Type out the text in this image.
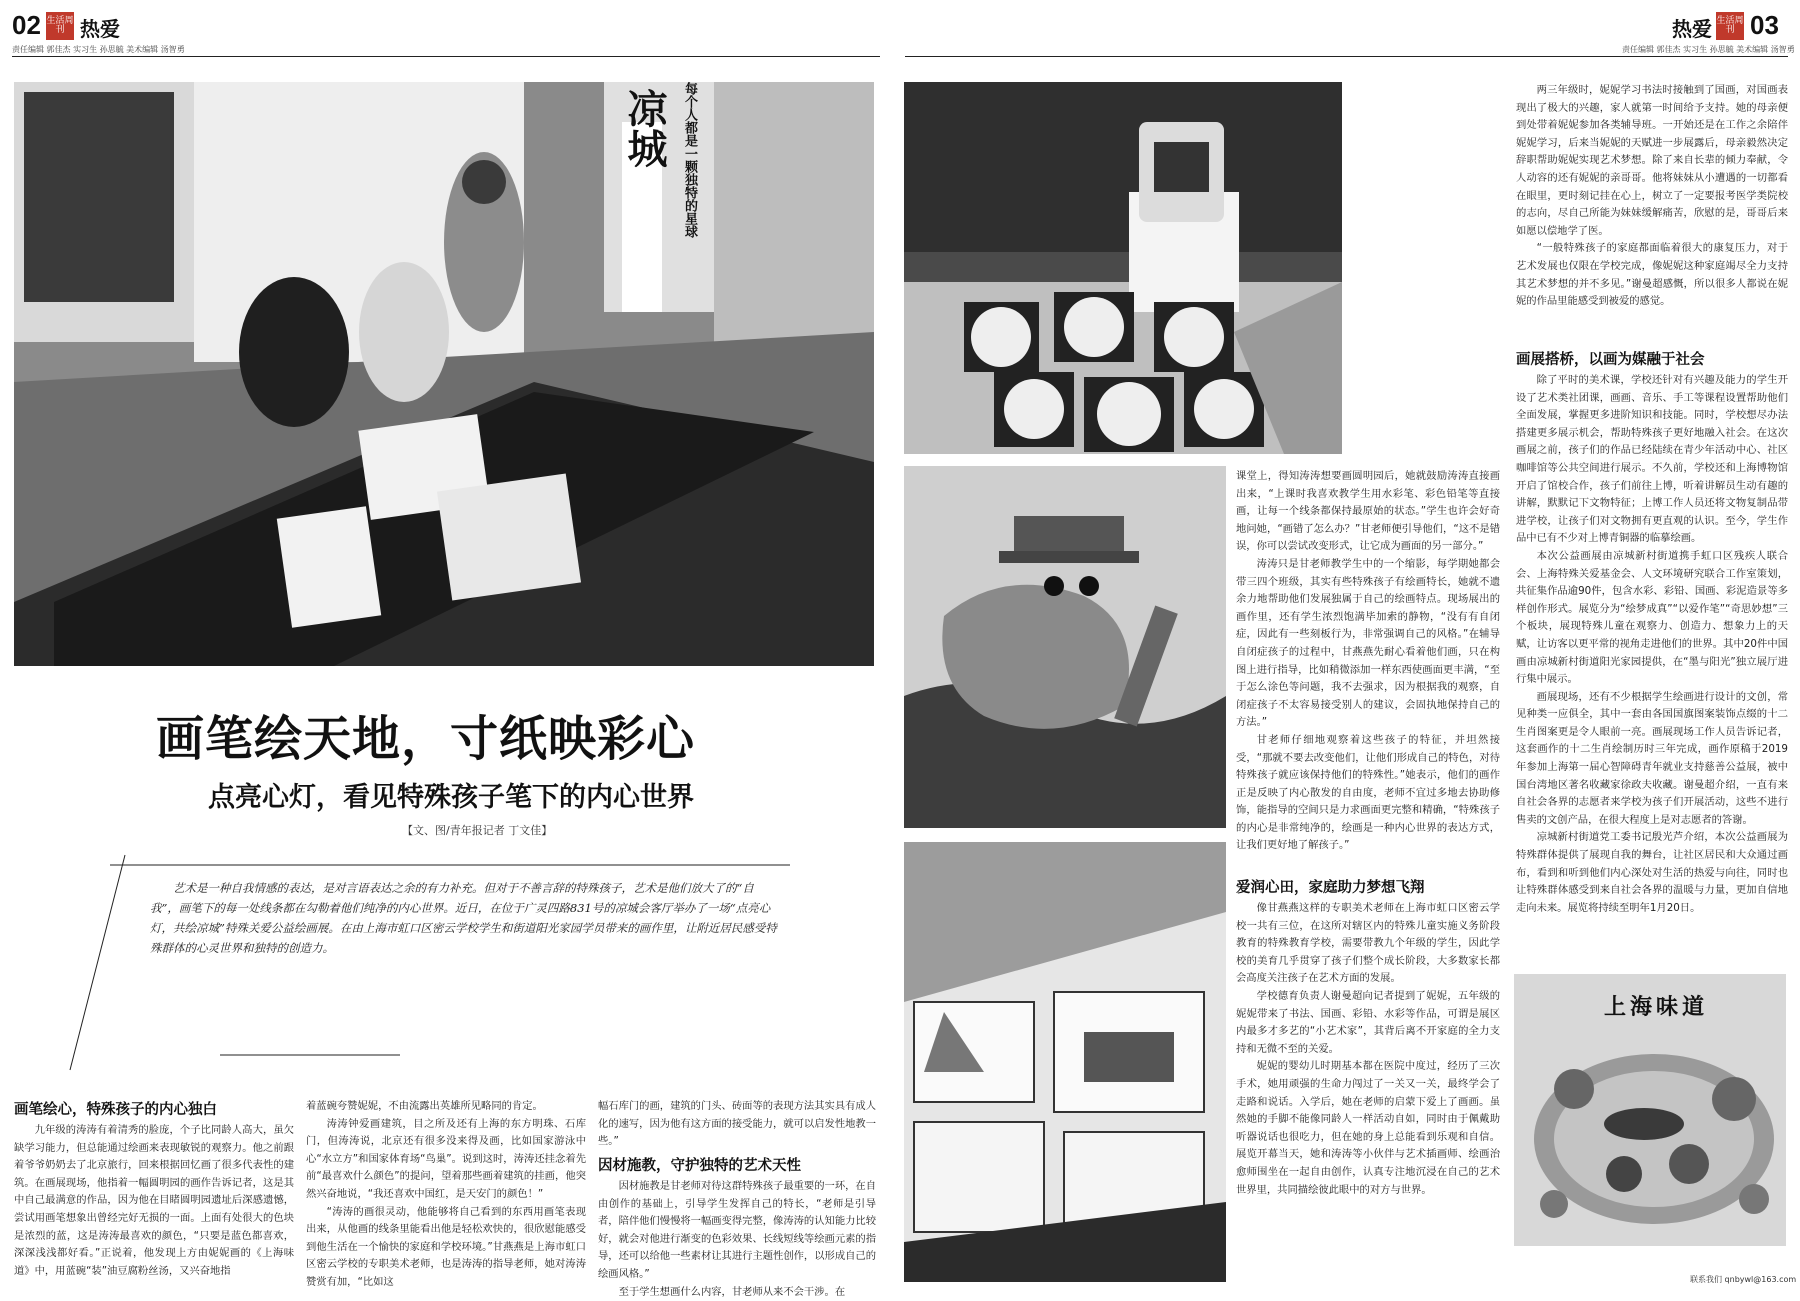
02 生活周刊 热爱
责任编辑 郭佳杰 实习生 孙思毓 美术编辑 汤智勇
热爱 生活周刊 03
责任编辑 郭佳杰 实习生 孙思毓 美术编辑 汤智勇
凉城	每个人都是一颗独特的星球
上海味道
画笔绘天地，寸纸映彩心
点亮心灯，看见特殊孩子笔下的内心世界
【文、图/青年报记者 丁文佳】
艺术是一种自我情感的表达，是对言语表达之余的有力补充。但对于不善言辞的特殊孩子，艺术是他们放大了的“自我”，画笔下的每一处线条都在勾勒着他们纯净的内心世界。近日，在位于广灵四路831号的凉城会客厅举办了一场“点亮心灯，共绘凉城”特殊关爱公益绘画展。在由上海市虹口区密云学校学生和街道阳光家园学员带来的画作里，让附近居民感受特殊群体的心灵世界和独特的创造力。
画笔绘心，特殊孩子的内心独白

九年级的涛涛有着清秀的脸庞，个子比同龄人高大，虽欠缺学习能力，但总能通过绘画来表现敏锐的观察力。他之前跟着爷爷奶奶去了北京旅行，回来根据回忆画了很多代表性的建筑。在画展现场，他指着一幅圆明园的画作告诉记者，这是其中自己最满意的作品，因为他在目睹圆明园遗址后深感遗憾，尝试用画笔想象出曾经完好无损的一面。上面有处很大的色块是浓烈的蓝，这是涛涛最喜欢的颜色，“只要是蓝色都喜欢，深深浅浅都好看。”正说着，他发现上方由妮妮画的《上海味道》中，用蓝碗“装”油豆腐粉丝汤，又兴奋地指

着蓝碗夸赞妮妮，不由流露出英雄所见略同的肯定。

涛涛钟爱画建筑，目之所及还有上海的东方明珠、石库门，但涛涛说，北京还有很多没来得及画，比如国家游泳中心“水立方”和国家体育场“鸟巢”。说到这时，涛涛还挂念着先前“最喜欢什么颜色”的提问，望着那些画着建筑的挂画，他突然兴奋地说，“我还喜欢中国红，是天安门的颜色！”

“涛涛的画很灵动，他能够将自己看到的东西用画笔表现出来，从他画的线条里能看出他是轻松欢快的，很欣慰能感受到他生活在一个愉快的家庭和学校环境。”甘燕燕是上海市虹口区密云学校的专职美术老师，也是涛涛的指导老师，她对涛涛赞赏有加，“比如这

幅石库门的画，建筑的门头、砖面等的表现方法其实具有成人化的速写，因为他有这方面的接受能力，就可以启发性地教一些。”

因材施教，守护独特的艺术天性

因材施教是甘老师对待这群特殊孩子最重要的一环，在自由创作的基础上，引导学生发挥自己的特长，“老师是引导者，陪伴他们慢慢将一幅画变得完整，像涛涛的认知能力比较好，就会对他进行渐变的色彩效果、长线短线等绘画元素的指导，还可以给他一些素材让其进行主题性创作，以形成自己的绘画风格。”

至于学生想画什么内容，甘老师从来不会干涉。在

课堂上，得知涛涛想要画圆明园后，她就鼓励涛涛直接画出来，“上课时我喜欢教学生用水彩笔、彩色铅笔等直接画，让每一个线条都保持最原始的状态。”学生也许会好奇地问她，“画错了怎么办？”甘老师便引导他们，“这不是错误，你可以尝试改变形式，让它成为画面的另一部分。”

涛涛只是甘老师教学生中的一个缩影，每学期她都会带三四个班级，其实有些特殊孩子有绘画特长，她就不遗余力地帮助他们发展独属于自己的绘画特点。现场展出的画作里，还有学生浓烈饱满毕加索的静物，“没有有自闭症，因此有一些刻板行为，非常强调自己的风格。”在辅导自闭症孩子的过程中，甘燕燕先耐心看着他们画，只在构图上进行指导，比如稍微添加一样东西使画面更丰满，“至于怎么涂色等问题，我不去强求，因为根据我的观察，自闭症孩子不太容易接受别人的建议，会固执地保持自己的方法。”

甘老师仔细地观察着这些孩子的特征，并坦然接受，“那就不要去改变他们，让他们形成自己的特色，对待特殊孩子就应该保持他们的特殊性。”她表示，他们的画作正是反映了内心散发的自由度，老师不宜过多地去协助修饰，能指导的空间只是力求画面更完整和精确，“特殊孩子的内心是非常纯净的，绘画是一种内心世界的表达方式，让我们更好地了解孩子。”

爱润心田，家庭助力梦想飞翔

像甘燕燕这样的专职美术老师在上海市虹口区密云学校一共有三位，在这所对辖区内的特殊儿童实施义务阶段教育的特殊教育学校，需要带教九个年级的学生，因此学校的美育几乎贯穿了孩子们整个成长阶段，大多数家长都会高度关注孩子在艺术方面的发展。

学校德育负责人谢曼超向记者提到了妮妮，五年级的妮妮带来了书法、国画、彩铅、水彩等作品，可谓是展区内最多才多艺的“小艺术家”，其背后离不开家庭的全力支持和无微不至的关爱。

妮妮的婴幼儿时期基本都在医院中度过，经历了三次手术，她用顽强的生命力闯过了一关又一关，最终学会了走路和说话。入学后，她在老师的启蒙下爱上了画画。虽然她的手脚不能像同龄人一样活动自如，同时由于佩戴助听器说话也很吃力，但在她的身上总能看到乐观和自信。展览开幕当天，她和涛涛等小伙伴与艺术插画师、绘画治愈师围坐在一起自由创作，认真专注地沉浸在自己的艺术世界里，共同描绘彼此眼中的对方与世界。

两三年级时，妮妮学习书法时接触到了国画，对国画表现出了极大的兴趣，家人就第一时间给予支持。她的母亲便到处带着妮妮参加各类辅导班。一开始还是在工作之余陪伴妮妮学习，后来当妮妮的天赋进一步展露后，母亲毅然决定辞职帮助妮妮实现艺术梦想。除了来自长辈的倾力奉献，令人动容的还有妮妮的亲哥哥。他将妹妹从小遭遇的一切都看在眼里，更时刻记挂在心上，树立了一定要报考医学类院校的志向，尽自己所能为妹妹缓解痛苦，欣慰的是，哥哥后来如愿以偿地学了医。

“一般特殊孩子的家庭都面临着很大的康复压力，对于艺术发展也仅限在学校完成，像妮妮这种家庭竭尽全力支持其艺术梦想的并不多见。”谢曼超感慨，所以很多人都说在妮妮的作品里能感受到被爱的感觉。

画展搭桥，以画为媒融于社会

除了平时的美术课，学校还针对有兴趣及能力的学生开设了艺术类社团课，画画、音乐、手工等课程设置帮助他们全面发展，掌握更多进阶知识和技能。同时，学校想尽办法搭建更多展示机会，帮助特殊孩子更好地融入社会。在这次画展之前，孩子们的作品已经陆续在青少年活动中心、社区咖啡馆等公共空间进行展示。不久前，学校还和上海博物馆开启了馆校合作，孩子们前往上博，听着讲解员生动有趣的讲解，默默记下文物特征；上博工作人员还将文物复制品带进学校，让孩子们对文物拥有更直观的认识。至今，学生作品中已有不少对上博青铜器的临摹绘画。

本次公益画展由凉城新村街道携手虹口区残疾人联合会、上海特殊关爱基金会、人文环境研究联合工作室策划，共征集作品逾90件，包含水彩、彩铅、国画、彩泥造景等多样创作形式。展览分为“绘梦成真”“以爱作笔”“奇思妙想”三个板块，展现特殊儿童在观察力、创造力、想象力上的天赋，让访客以更平常的视角走进他们的世界。其中20件中国画由凉城新村街道阳光家园提供，在“墨与阳光”独立展厅进行集中展示。

画展现场，还有不少根据学生绘画进行设计的文创，常见种类一应俱全，其中一套由各国国旗图案装饰点缀的十二生肖图案更是令人眼前一亮。画展现场工作人员告诉记者，这套画作的十二生肖绘制历时三年完成，画作原稿于2019年参加上海第一届心智障碍青年就业支持慈善公益展，被中国台湾地区著名收藏家徐政夫收藏。谢曼超介绍，一直有来自社会各界的志愿者来学校为孩子们开展活动，这些不进行售卖的文创产品，在很大程度上是对志愿者的答谢。

凉城新村街道党工委书记殷光芦介绍，本次公益画展为特殊群体提供了展现自我的舞台，让社区居民和大众通过画布，看到和听到他们内心深处对生活的热爱与向往，同时也让特殊群体感受到来自社会各界的温暖与力量，更加自信地走向未来。展览将持续至明年1月20日。

联系我们 qnbywl@163.com
